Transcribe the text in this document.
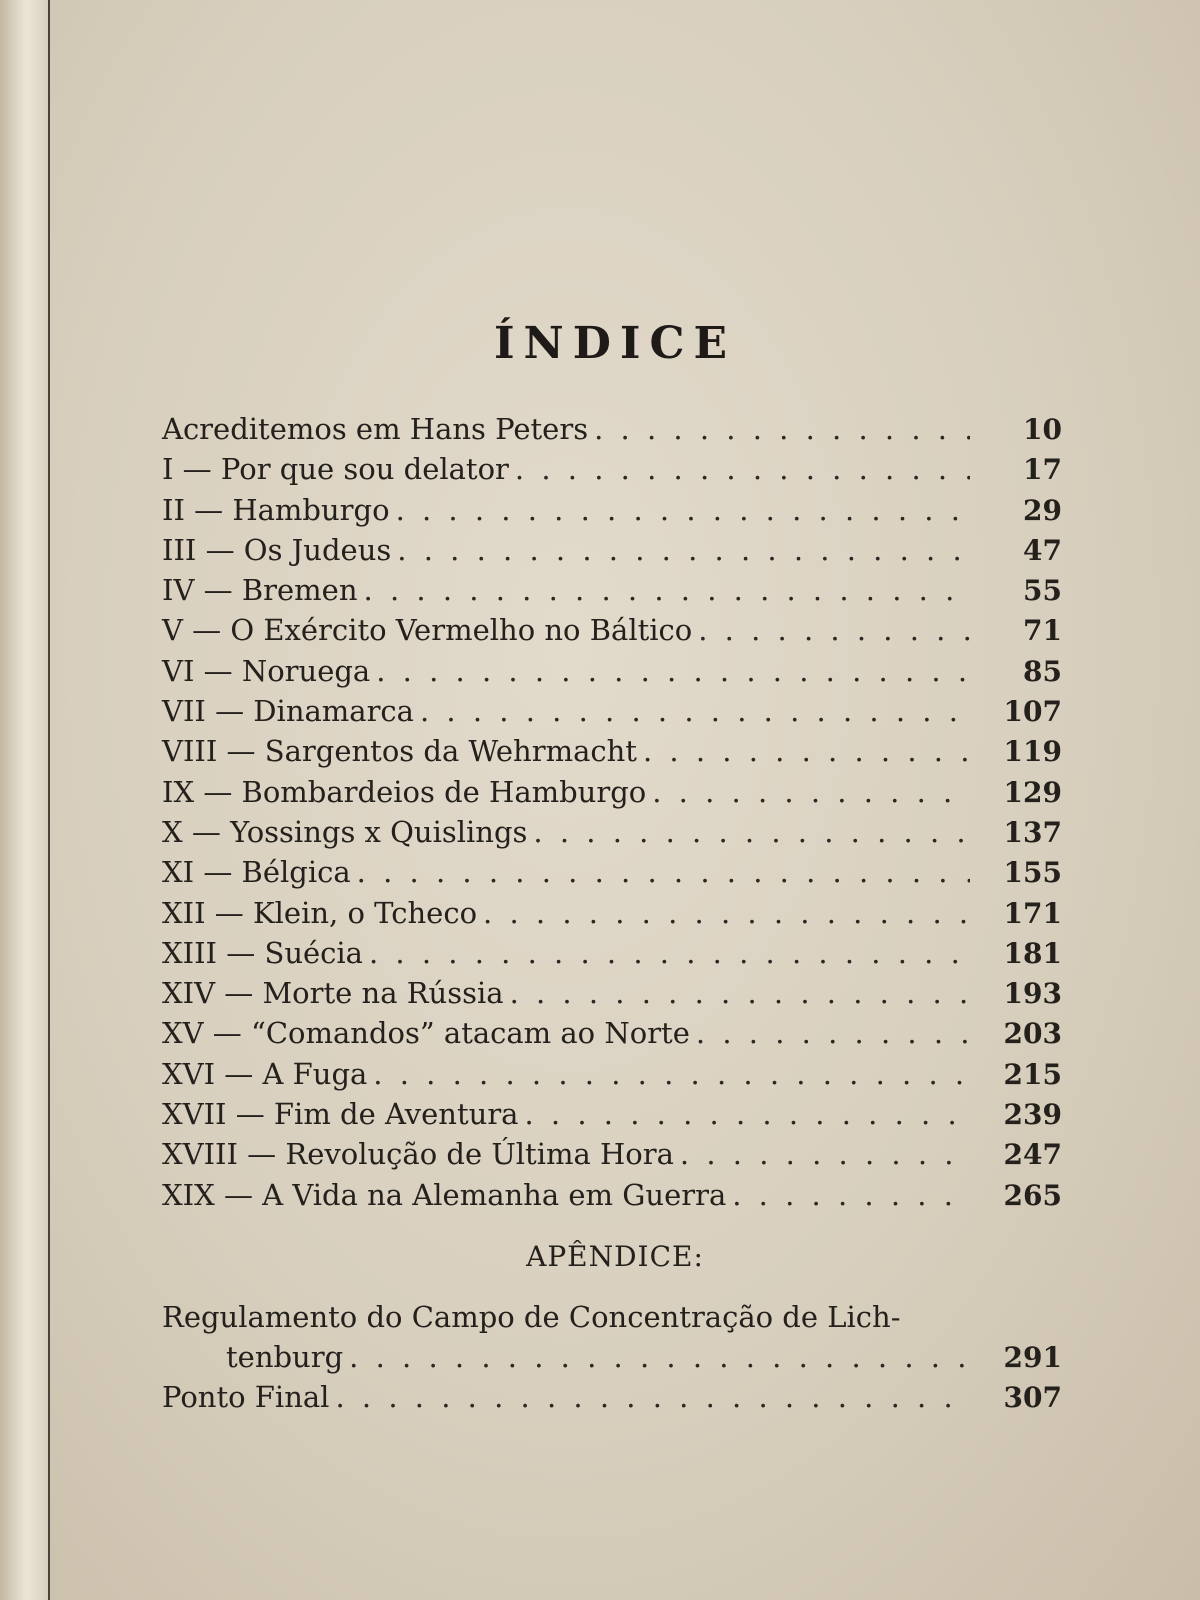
ÍNDICE
Acreditemos em Hans Peters . . .	10
I — Por que sou delator . . .	17
II — Hamburgo . . .	29
III — Os Judeus . . .	47
IV — Bremen . . .	55
V — O Exército Vermelho no Báltico . . .	71
VI — Noruega . . .	85
VII — Dinamarca . . .	107
VIII — Sargentos da Wehrmacht . . .	119
IX — Bombardeios de Hamburgo . . .	129
X — Yossings x Quislings . . .	137
XI — Bélgica . . .	155
XII — Klein, o Tcheco . . .	171
XIII — Suécia . . .	181
XIV — Morte na Rússia . . .	193
XV — “Comandos” atacam ao Norte . . .	203
XVI — A Fuga . . .	215
XVII — Fim de Aventura . . .	239
XVIII — Revolução de Última Hora . . .	247
XIX — A Vida na Alemanha em Guerra . . .	265
APÊNDICE:
Regulamento do Campo de Concentração de Lich-
tenburg . . .	291
Ponto Final . . .	307
